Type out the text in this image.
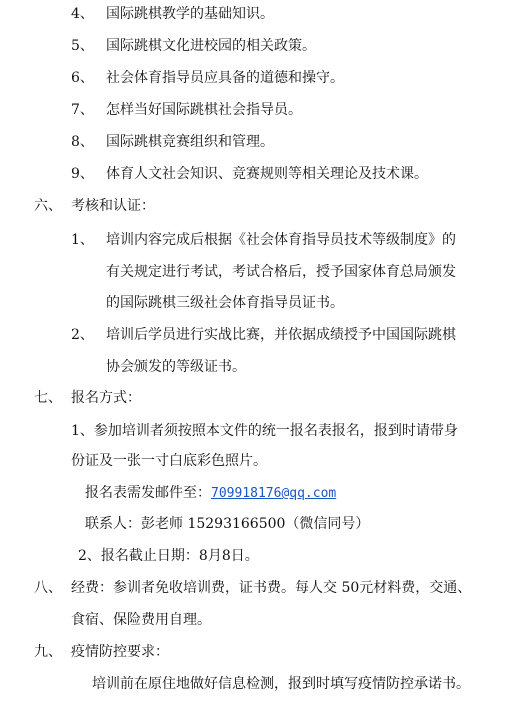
4、 国际跳棋教学的基础知识。
5、 国际跳棋文化进校园的相关政策。
6、 社会体育指导员应具备的道德和操守。
7、 怎样当好国际跳棋社会指导员。
8、 国际跳棋竞赛组织和管理。
9、 体育人文社会知识、竞赛规则等相关理论及技术课。
六、 考核和认证：
1、 培训内容完成后根据《社会体育指导员技术等级制度》的
有关规定进行考试，考试合格后，授予国家体育总局颁发
的国际跳棋三级社会体育指导员证书。
2、 培训后学员进行实战比赛，并依据成绩授予中国国际跳棋
协会颁发的等级证书。
七、 报名方式：
1、参加培训者须按照本文件的统一报名表报名，报到时请带身
份证及一张一寸白底彩色照片。
报名表需发邮件至：709918176@qq.com
联系人：彭老师 15293166500（微信同号）
2、报名截止日期：8月8日。
八、 经费：参训者免收培训费，证书费。每人交 50元材料费，交通、
食宿、保险费用自理。
九、 疫情防控要求：
培训前在原住地做好信息检测，报到时填写疫情防控承诺书。
